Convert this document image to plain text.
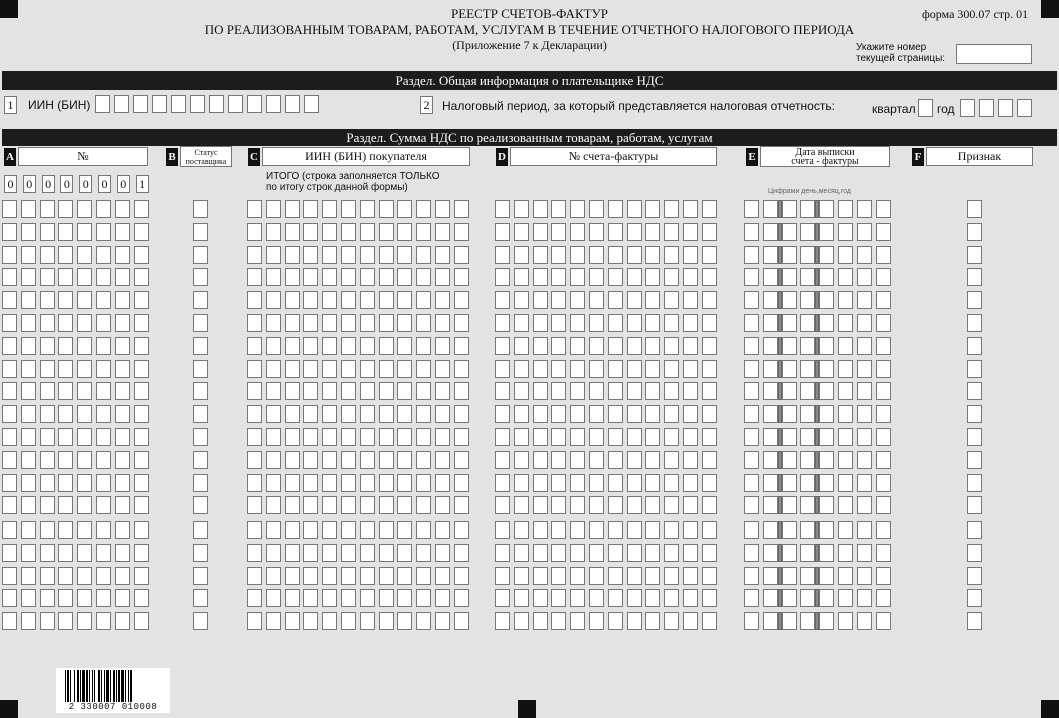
РЕЕСТР СЧЕТОВ-ФАКТУР
ПО РЕАЛИЗОВАННЫМ ТОВАРАМ, РАБОТАМ, УСЛУГАМ В ТЕЧЕНИЕ ОТЧЕТНОГО НАЛОГОВОГО ПЕРИОДА
(Приложение 7 к Декларации)
форма 300.07 стр. 01
Укажите номер
текущей страницы:
Раздел. Общая информация о плательщике НДС
1 ИИН (БИН)	2 Налоговый период, за который представляется налоговая отчетность:	квартал год
Раздел. Сумма НДС по реализованным товарам, работам, услугам
A	№	B	Статус
поставщика	C	ИИН (БИН) покупателя	D	№ счета-фактуры	E	Дата выписки
счета - фактуры	F	Признак
0 0 0 0 0 0 0 1
ИТОГО (строка заполняется ТОЛЬКО
по итогу строк данной формы)	Цифрами день,месяц,год
2 330007 010008
